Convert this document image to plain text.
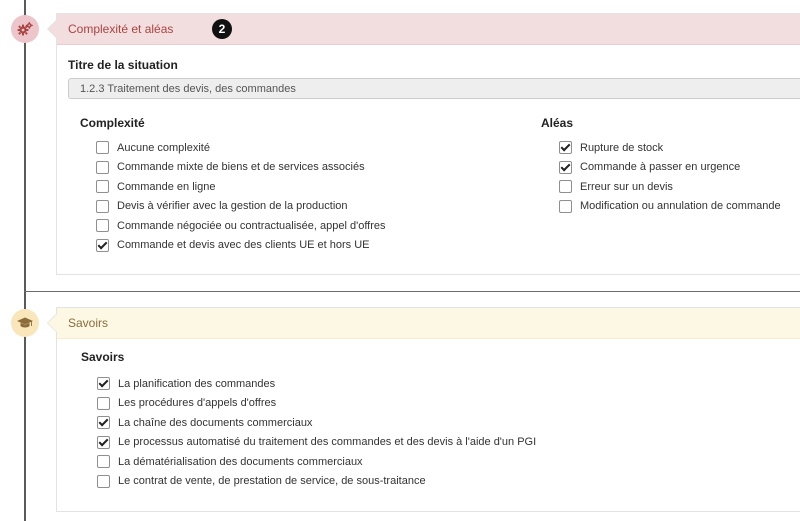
Complexité et aléas	2
Titre de la situation
1.2.3 Traitement des devis, des commandes
Complexité
Aucune complexité
Commande mixte de biens et de services associés
Commande en ligne
Devis à vérifier avec la gestion de la production
Commande négociée ou contractualisée, appel d'offres
Commande et devis avec des clients UE et hors UE
Aléas
Rupture de stock
Commande à passer en urgence
Erreur sur un devis
Modification ou annulation de commande
Savoirs
Savoirs
La planification des commandes
Les procédures d'appels d'offres
La chaîne des documents commerciaux
Le processus automatisé du traitement des commandes et des devis à l'aide d'un PGI
La dématérialisation des documents commerciaux
Le contrat de vente, de prestation de service, de sous-traitance
